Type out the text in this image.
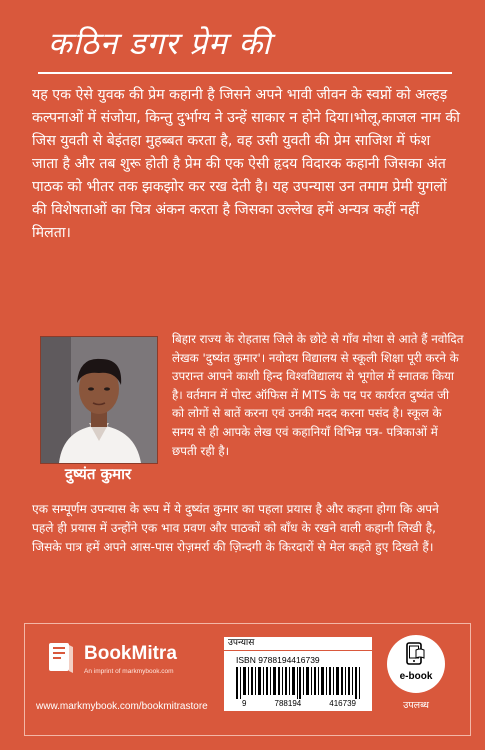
कठिन डगर प्रेम की

यह एक ऐसे युवक की प्रेम कहानी है जिसने अपने भावी जीवन के स्वप्नों को अल्हड़ कल्पनाओं में संजोया, किन्तु दुर्भाग्य ने उन्हें साकार न होने दिया।भोलू,काजल नाम की जिस युवती से बेइंतहा मुहब्बत करता है, वह उसी युवती की प्रेम साजिश में फंश जाता है और तब शुरू होती है प्रेम की एक ऐसी हृदय विदारक कहानी जिसका अंत पाठक को भीतर तक झकझोर कर रख देती है। यह उपन्यास उन तमाम प्रेमी युगलों की विशेषताओं का चित्र अंकन करता है जिसका उल्लेख हमें अन्यत्र कहीं नहीं मिलता।

दुष्यंत कुमार

बिहार राज्य के रोहतास जिले के छोटे से गाँव मोथा से आते हैं नवोदित लेखक 'दुष्यंत कुमार'। नवोदय विद्यालय से स्कूली शिक्षा पूरी करने के उपरान्त आपने काशी हिन्द विश्वविद्यालय से भूगोल में स्नातक किया है। वर्तमान में पोस्ट ऑफिस में MTS के पद पर कार्यरत दुष्यंत जी को लोगों से बातें करना एवं उनकी मदद करना पसंद है। स्कूल के समय से ही आपके लेख एवं कहानियाँ विभिन्न पत्र- पत्रिकाओं में छपती रही है।

एक सम्पूर्णम उपन्यास के रूप में ये दुष्यंत कुमार का पहला प्रयास है और कहना होगा कि अपने पहले ही प्रयास में उन्होंने एक भाव प्रवण और पाठकों को बाँध के रखने वाली कहानी लिखी है, जिसके पात्र हमें अपने आस-पास रोज़मर्रा की ज़िन्दगी के किरदारों से मेल कहते हुए दिखते हैं।

BookMitra
An imprint of markmybook.com
www.markmybook.com/bookmitrastore
उपन्यास
ISBN 9788194416739
9	788194	416739
e-book
उपलब्ध
